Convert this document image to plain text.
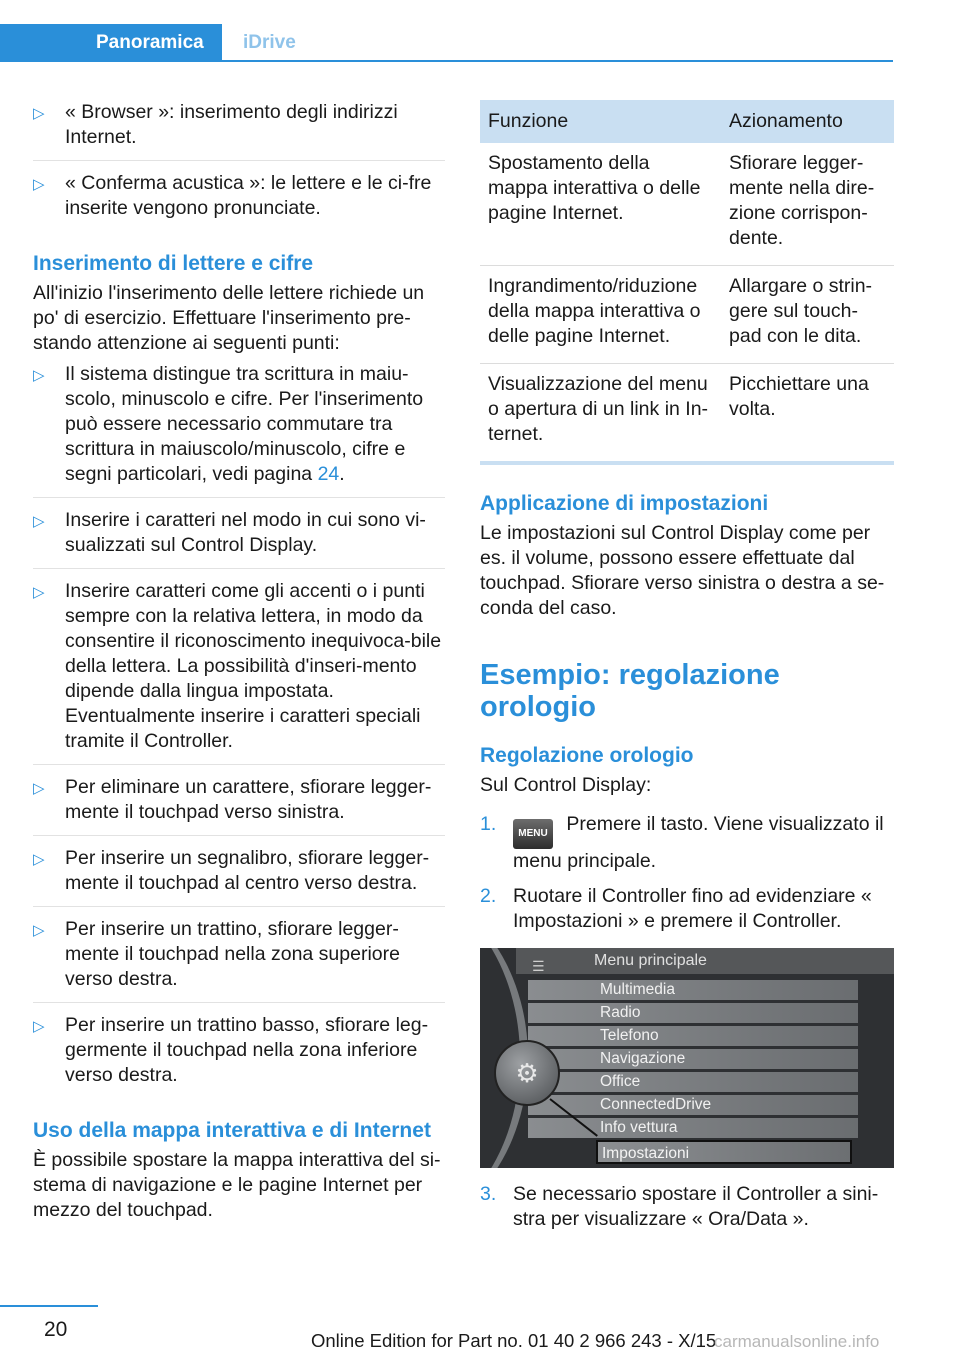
Panoramica	iDrive
▷ « Browser »: inserimento degli indirizzi Internet.
▷ « Conferma acustica »: le lettere e le ci-fre inserite vengono pronunciate.
Inserimento di lettere e cifre

All'inizio l'inserimento delle lettere richiede un po' di esercizio. Effettuare l'inserimento pre-stando attenzione ai seguenti punti:

▷ Il sistema distingue tra scrittura in maiu-scolo, minuscolo e cifre. Per l'inserimento può essere necessario commutare tra scrittura in maiuscolo/minuscolo, cifre e segni particolari, vedi pagina 24.
▷ Inserire i caratteri nel modo in cui sono vi-sualizzati sul Control Display.
▷ Inserire caratteri come gli accenti o i punti sempre con la relativa lettera, in modo da consentire il riconoscimento inequivoca-bile della lettera. La possibilità d'inseri-mento dipende dalla lingua impostata. Eventualmente inserire i caratteri speciali tramite il Controller.
▷ Per eliminare un carattere, sfiorare legger-mente il touchpad verso sinistra.
▷ Per inserire un segnalibro, sfiorare legger-mente il touchpad al centro verso destra.
▷ Per inserire un trattino, sfiorare legger-mente il touchpad nella zona superiore verso destra.
▷ Per inserire un trattino basso, sfiorare leg-germente il touchpad nella zona inferiore verso destra.
Uso della mappa interattiva e di Internet

È possibile spostare la mappa interattiva del si-stema di navigazione e le pagine Internet per mezzo del touchpad.

Funzione	Azionamento
Spostamento della mappa interattiva o delle pagine Internet.	Sfiorare legger-mente nella dire-zione corrispon-dente.
Ingrandimento/riduzione della mappa interattiva o delle pagine Internet.	Allargare o strin-gere sul touch-pad con le dita.
Visualizzazione del menu o apertura di un link in In-ternet.	Picchiettare una volta.
Applicazione di impostazioni

Le impostazioni sul Control Display come per es. il volume, possono essere effettuate dal touchpad. Sfiorare verso sinistra o destra a se-conda del caso.

Esempio: regolazione orologio
Regolazione orologio

Sul Control Display:

1. MENU Premere il tasto. Viene visualizzato il menu principale.
2. Ruotare il Controller fino ad evidenziare « Impostazioni » e premere il Controller.
Menu principale
☰
Multimedia
Radio
Telefono
Navigazione
Office
ConnectedDrive
Info vettura
⚙
Impostazioni
3. Se necessario spostare il Controller a sini-stra per visualizzare « Ora/Data ».
20	Online Edition for Part no. 01 40 2 966 243 - X/15
carmanualsonline.info
